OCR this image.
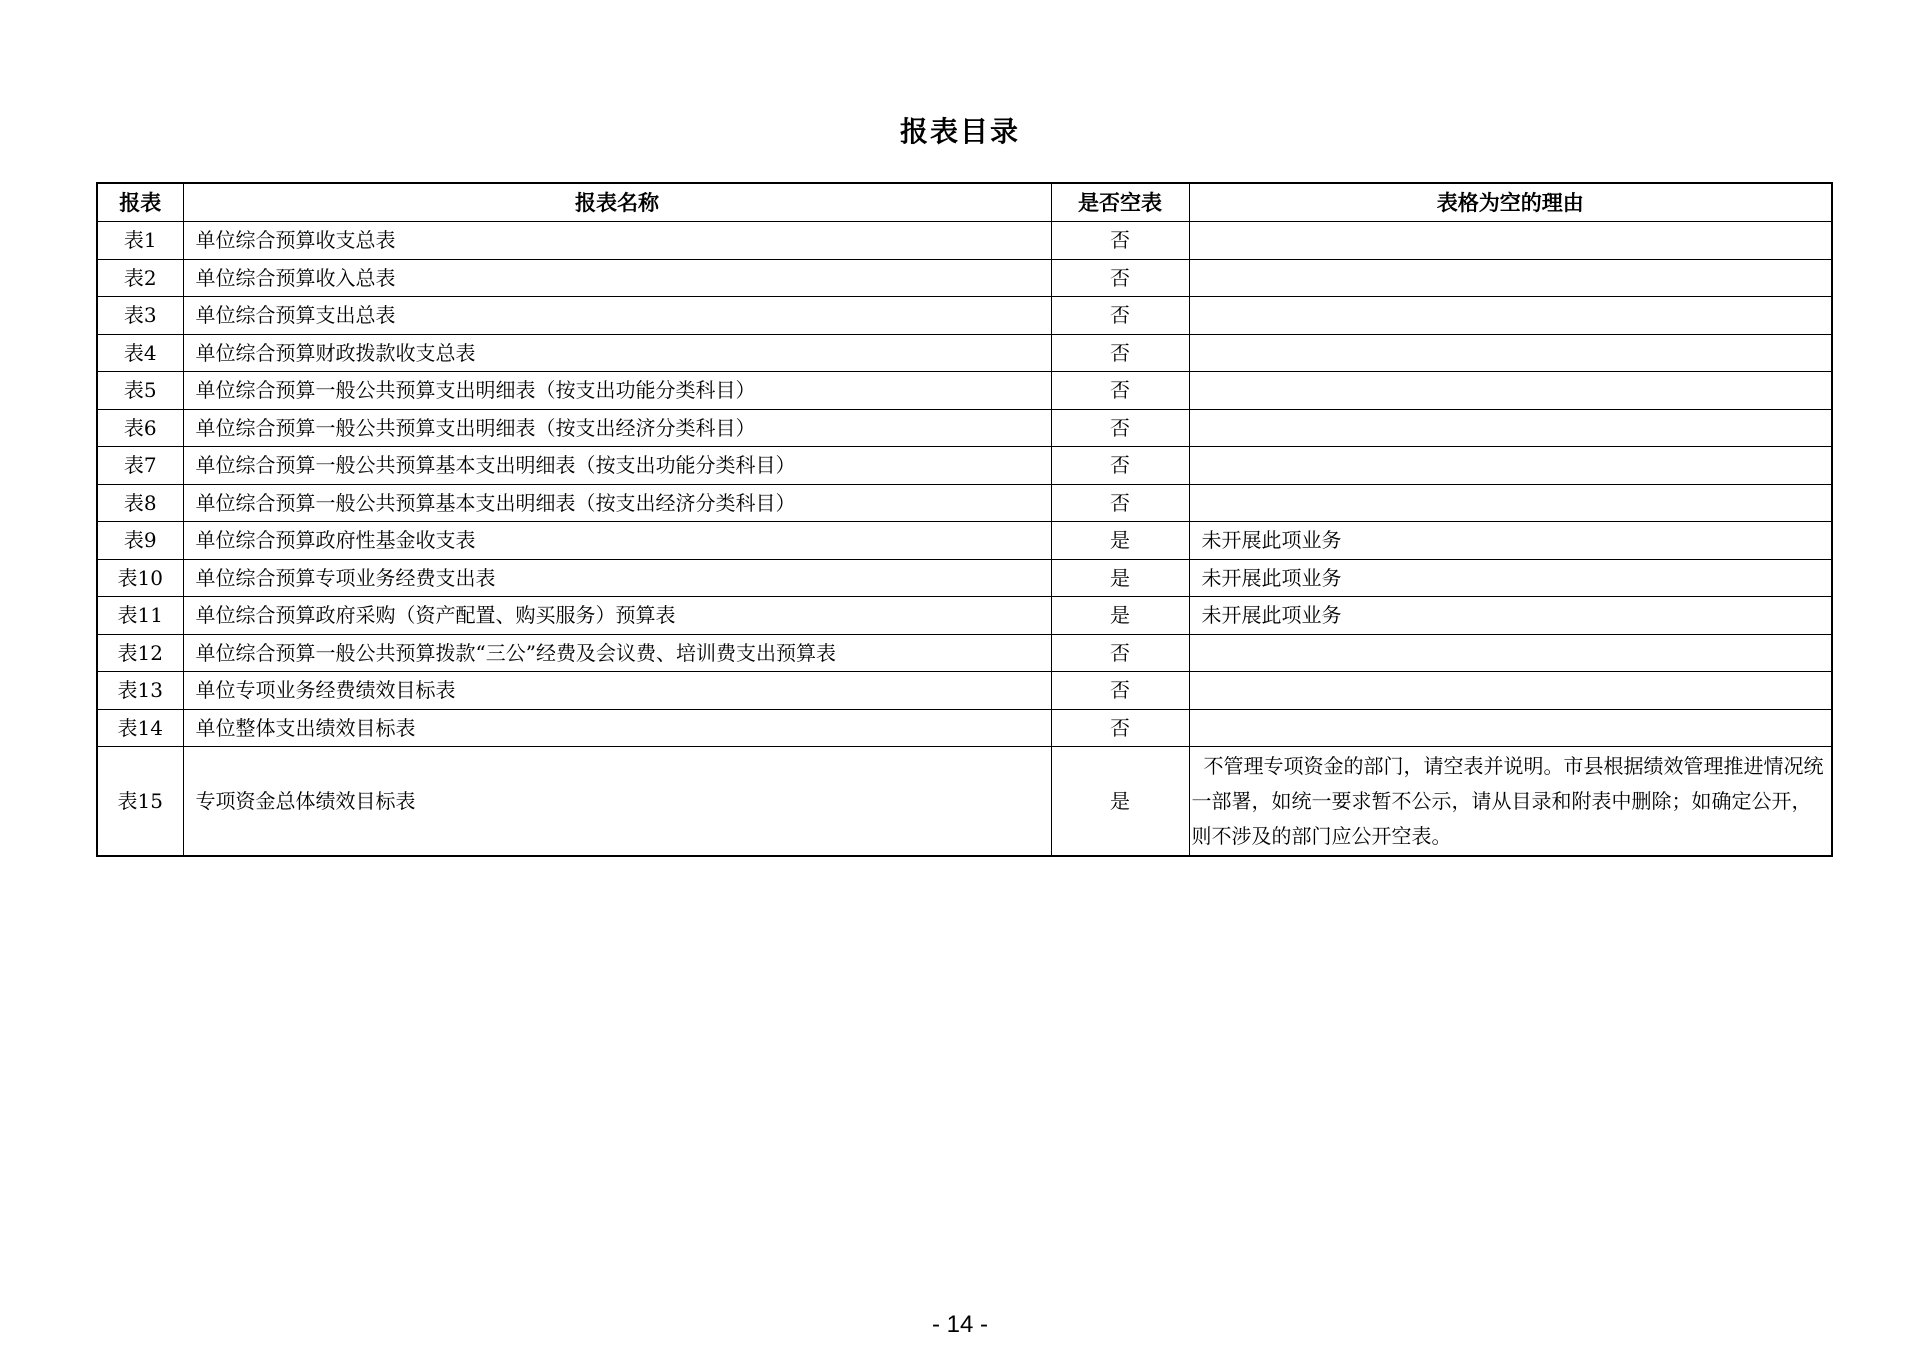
报表目录
报表	报表名称	是否空表	表格为空的理由
表1	单位综合预算收支总表	否	
表2	单位综合预算收入总表	否	
表3	单位综合预算支出总表	否	
表4	单位综合预算财政拨款收支总表	否	
表5	单位综合预算一般公共预算支出明细表（按支出功能分类科目）	否	
表6	单位综合预算一般公共预算支出明细表（按支出经济分类科目）	否	
表7	单位综合预算一般公共预算基本支出明细表（按支出功能分类科目）	否	
表8	单位综合预算一般公共预算基本支出明细表（按支出经济分类科目）	否	
表9	单位综合预算政府性基金收支表	是	未开展此项业务
表10	单位综合预算专项业务经费支出表	是	未开展此项业务
表11	单位综合预算政府采购（资产配置、购买服务）预算表	是	未开展此项业务
表12	单位综合预算一般公共预算拨款“三公”经费及会议费、培训费支出预算表	否	
表13	单位专项业务经费绩效目标表	否	
表14	单位整体支出绩效目标表	否	
表15	专项资金总体绩效目标表	是	不管理专项资金的部门，请空表并说明。市县根据绩效管理推进情况统一部署，如统一要求暂不公示，请从目录和附表中删除；如确定公开，则不涉及的部门应公开空表。
- 14 -
